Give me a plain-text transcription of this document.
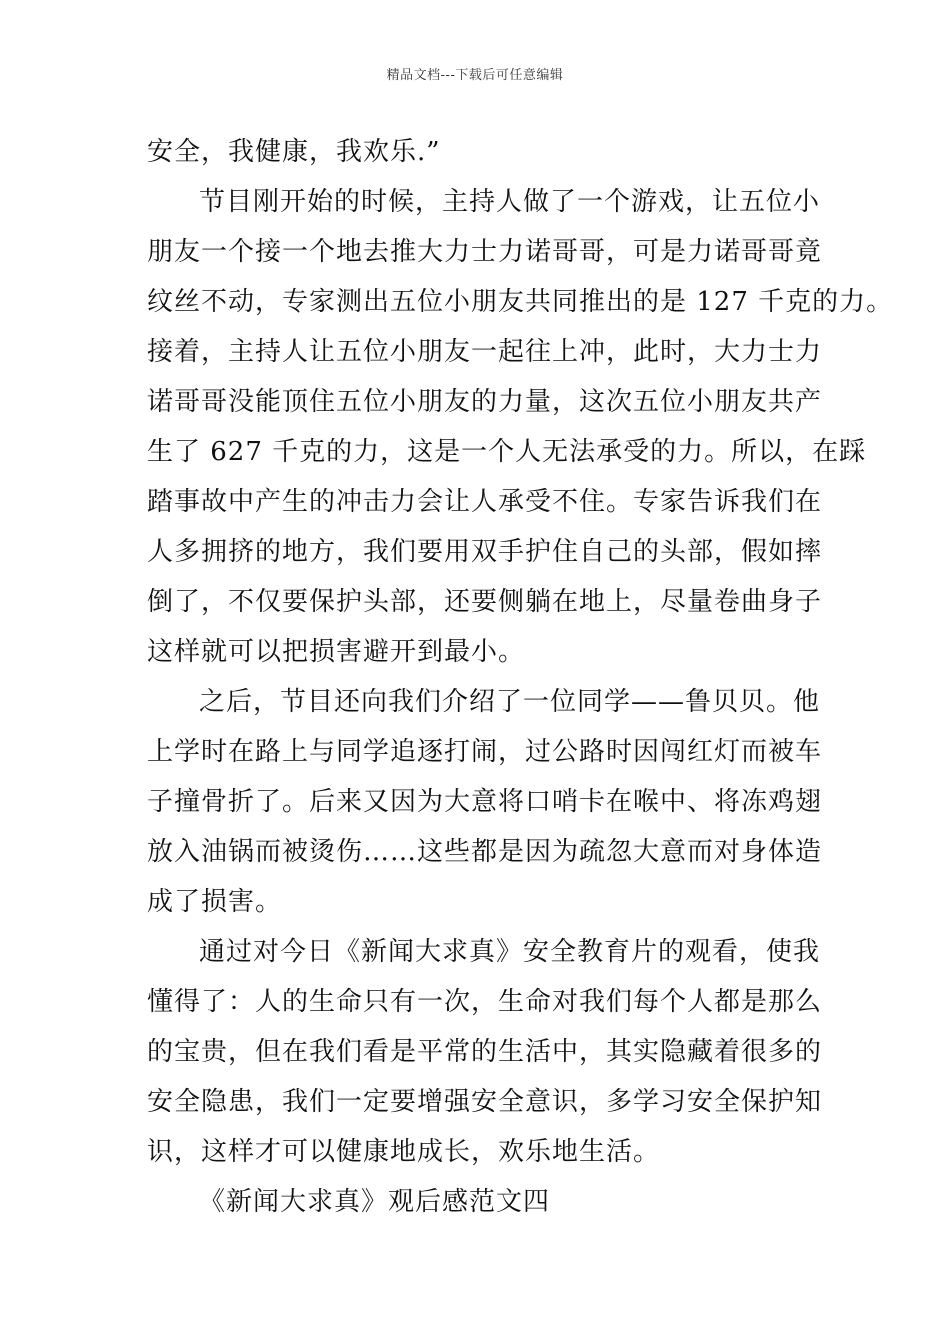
精品文档---下载后可任意编辑
安全，我健康，我欢乐.”
节目刚开始的时候，主持人做了一个游戏，让五位小
朋友一个接一个地去推大力士力诺哥哥，可是力诺哥哥竟
纹丝不动，专家测出五位小朋友共同推出的是 127 千克的力。
接着，主持人让五位小朋友一起往上冲，此时，大力士力
诺哥哥没能顶住五位小朋友的力量，这次五位小朋友共产
生了 627 千克的力，这是一个人无法承受的力。所以，在踩
踏事故中产生的冲击力会让人承受不住。专家告诉我们在
人多拥挤的地方，我们要用双手护住自己的头部，假如摔
倒了，不仅要保护头部，还要侧躺在地上，尽量卷曲身子
这样就可以把损害避开到最小。
之后，节目还向我们介绍了一位同学——鲁贝贝。他
上学时在路上与同学追逐打闹，过公路时因闯红灯而被车
子撞骨折了。后来又因为大意将口哨卡在喉中、将冻鸡翅
放入油锅而被烫伤……这些都是因为疏忽大意而对身体造
成了损害。
通过对今日《新闻大求真》安全教育片的观看，使我
懂得了：人的生命只有一次，生命对我们每个人都是那么
的宝贵，但在我们看是平常的生活中，其实隐藏着很多的
安全隐患，我们一定要增强安全意识，多学习安全保护知
识，这样才可以健康地成长，欢乐地生活。
《新闻大求真》观后感范文四
